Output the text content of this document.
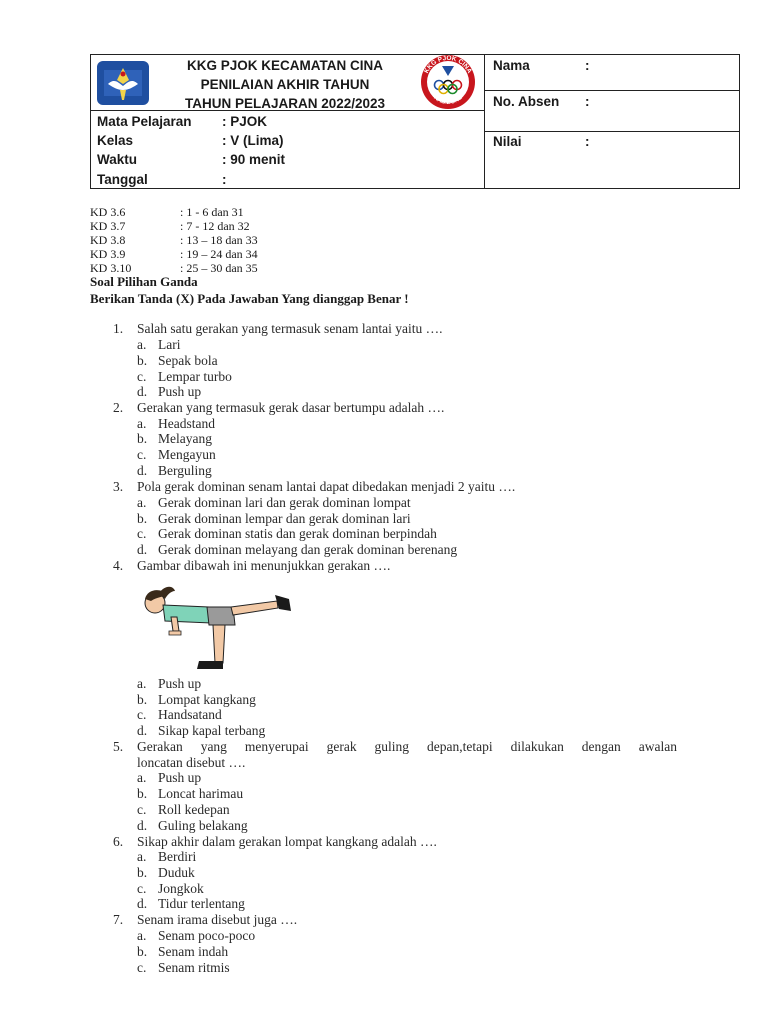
KKG PJOK KECAMATAN CINA
PENILAIAN AKHIR TAHUN
TAHUN PELAJARAN 2022/2023
KKG PJOK CINA
KAB.BONE
Mata Pelajaran : PJOK
Kelas	: V (Lima)
Waktu	: 90 menit
Tanggal	:
Nama	:
No. Absen :
Nilai	:
KD 3.6	: 1 - 6 dan 31
KD 3.7	: 7 - 12 dan 32
KD 3.8	: 13 – 18 dan 33
KD 3.9	: 19 – 24 dan 34
KD 3.10	: 25 – 30 dan 35
Soal Pilihan Ganda
Berikan Tanda (X) Pada Jawaban Yang dianggap Benar !
1. Salah satu gerakan yang termasuk senam lantai yaitu ….
a. Lari
b. Sepak bola
c. Lempar turbo
d. Push up
2. Gerakan yang termasuk gerak dasar bertumpu adalah ….
a. Headstand
b. Melayang
c. Mengayun
d. Berguling
3. Pola gerak dominan senam lantai dapat dibedakan menjadi 2 yaitu ….
a. Gerak dominan lari dan gerak dominan lompat
b. Gerak dominan lempar dan gerak dominan lari
c. Gerak dominan statis dan gerak dominan berpindah
d. Gerak dominan melayang dan gerak dominan berenang
4. Gambar dibawah ini menunjukkan gerakan ….
a. Push up
b. Lompat kangkang
c. Handsatand
d. Sikap kapal terbang
5. Gerakan yang menyerupai gerak guling depan,tetapi dilakukan dengan awalan
loncatan disebut ….
a. Push up
b. Loncat harimau
c. Roll kedepan
d. Guling belakang
6. Sikap akhir dalam gerakan lompat kangkang adalah ….
a. Berdiri
b. Duduk
c. Jongkok
d. Tidur terlentang
7. Senam irama disebut juga ….
a. Senam poco-poco
b. Senam indah
c. Senam ritmis
